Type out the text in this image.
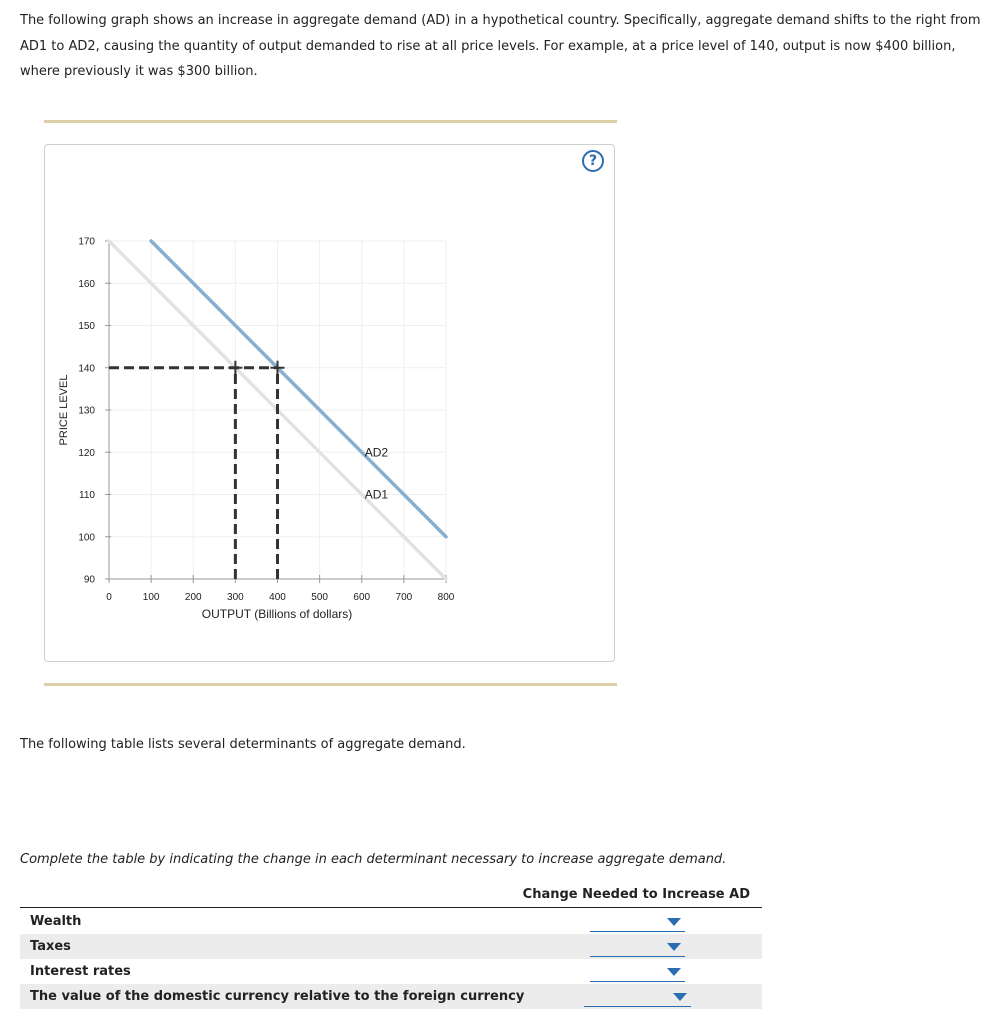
The following graph shows an increase in aggregate demand (AD) in a hypothetical country. Specifically, aggregate demand shifts to the right from AD1 to AD2, causing the quantity of output demanded to rise at all price levels. For example, at a price level of 140, output is now $400 billion, where previously it was $300 billion.

?
90
100
110
120
130
140
150
160
170
0	100	200	300	400	500	600	700	800
AD2
AD1
OUTPUT (Billions of dollars)
PRICE LEVEL

The following table lists several determinants of aggregate demand.

Complete the table by indicating the change in each determinant necessary to increase aggregate demand.

Change Needed to Increase AD
Wealth
Taxes
Interest rates
The value of the domestic currency relative to the foreign currency
